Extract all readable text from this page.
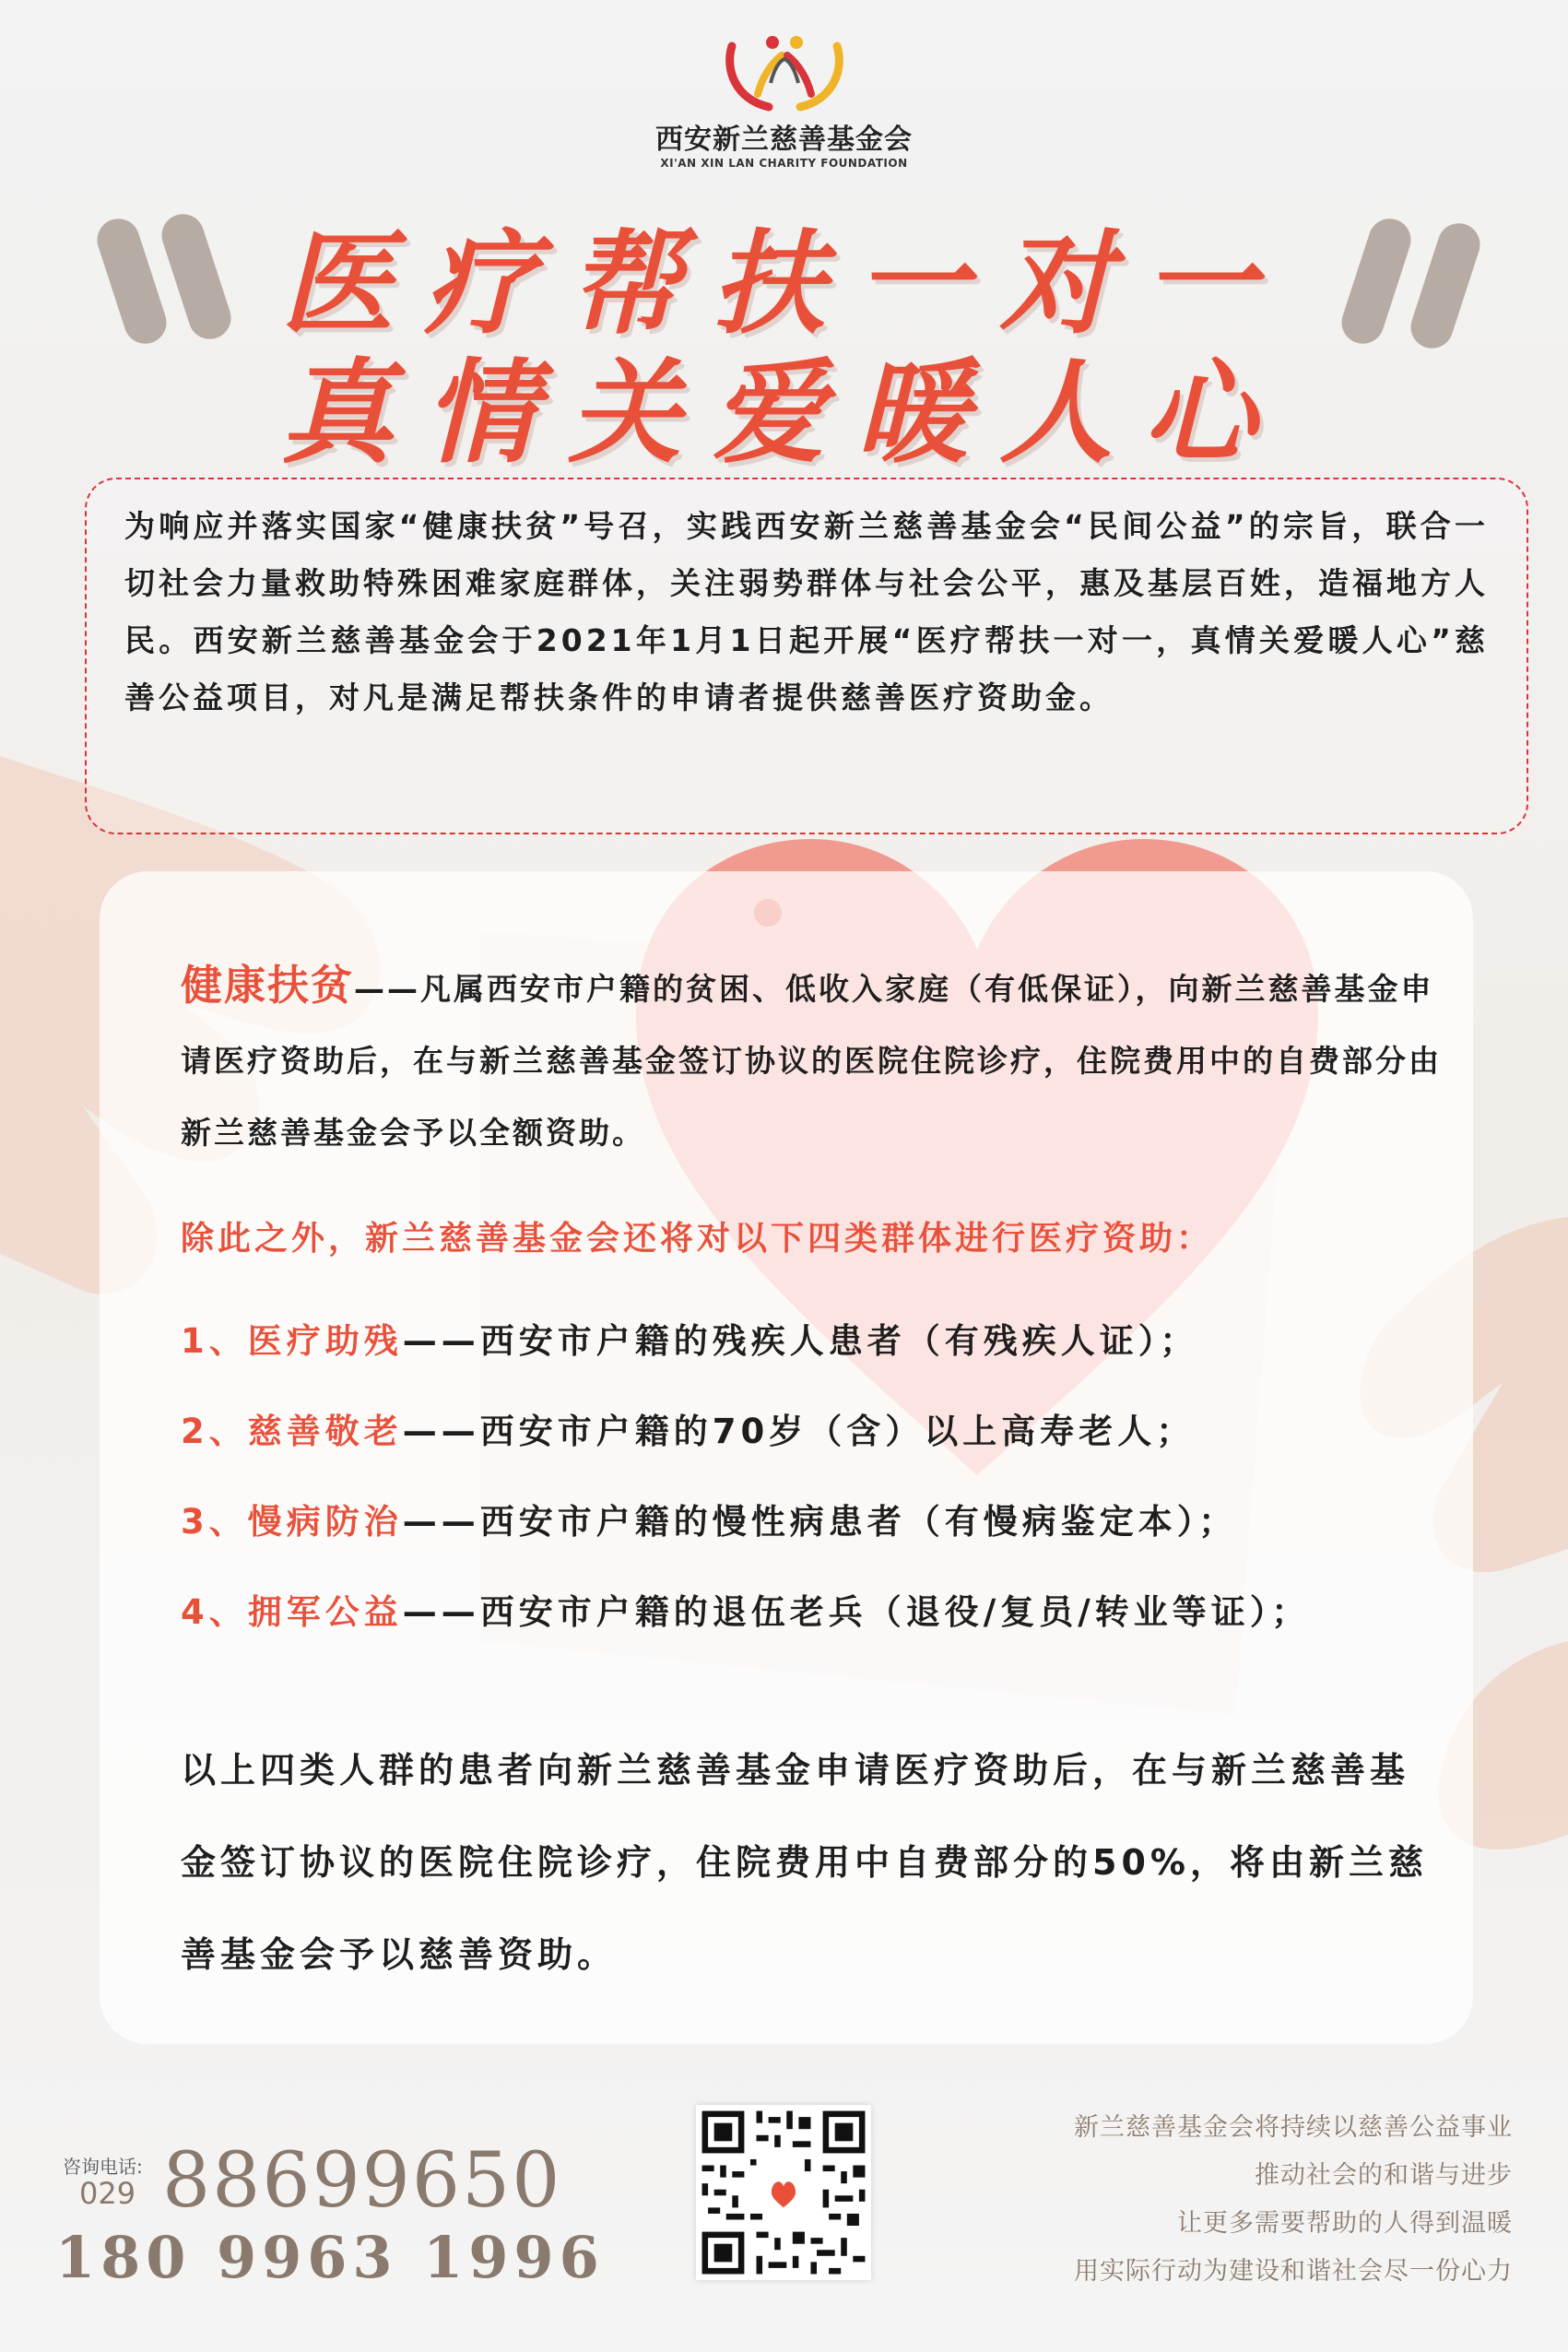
西安新兰慈善基金会
XI'AN XIN LAN CHARITY FOUNDATION
医疗帮扶一对一
真情关爱暖人心
为响应并落实国家“健康扶贫”号召，实践西安新兰慈善基金会“民间公益”的宗旨，联合一切社会力量救助特殊困难家庭群体，关注弱势群体与社会公平，惠及基层百姓，造福地方人民。西安新兰慈善基金会于2021年1月1日起开展“医疗帮扶一对一，真情关爱暖人心”慈善公益项目，对凡是满足帮扶条件的申请者提供慈善医疗资助金。
健康扶贫——凡属西安市户籍的贫困、低收入家庭（有低保证），向新兰慈善基金申请医疗资助后，在与新兰慈善基金签订协议的医院住院诊疗，住院费用中的自费部分由新兰慈善基金会予以全额资助。
除此之外，新兰慈善基金会还将对以下四类群体进行医疗资助：
1、医疗助残——西安市户籍的残疾人患者（有残疾人证）；
2、慈善敬老——西安市户籍的70岁（含）以上高寿老人；
3、慢病防治——西安市户籍的慢性病患者（有慢病鉴定本）；
4、拥军公益——西安市户籍的退伍老兵（退役/复员/转业等证）；
以上四类人群的患者向新兰慈善基金申请医疗资助后，在与新兰慈善基金签订协议的医院住院诊疗，住院费用中自费部分的50%，将由新兰慈善基金会予以慈善资助。
咨询电话:
029 88699650
180 9963 1996
新兰慈善基金会将持续以慈善公益事业
推动社会的和谐与进步
让更多需要帮助的人得到温暖
用实际行动为建设和谐社会尽一份心力
